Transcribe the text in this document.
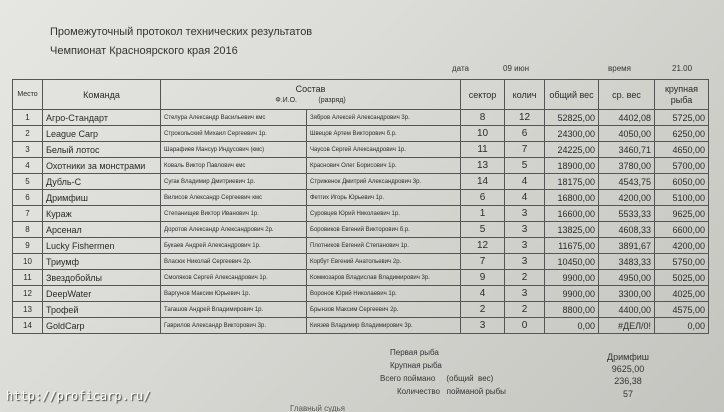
Промежуточный протокол технических результатов
Чемпионат Красноярского края 2016
дата	09 июн	время	21.00
Место	Команда	Состав
Ф.И.О. (разряд)		сектор	колич	общий вес	ср. вес	крупная
рыба

1	Агро-Стандарт	Стелура Александр Васильевич кмс	Зябров Алексей Александрович 3р.	8	12	52825,00	4402,08	5725,00
2	League Carp	Строкольский Михаил Сергеевич 1р.	Швецов Артем Викторович б.р.	10	6	24300,00	4050,00	6250,00
3	Белый лотос	Шарафиев Мансур Индусович (кмс)	Чаусов Сергей Александрович 1р.	11	7	24225,00	3460,71	4650,00
4	Охотники за монстрами	Коваль Виктор Павлович кмс	Краснович Олег Борисович 1р.	13	5	18900,00	3780,00	5700,00
5	Дубль-С	Сугак Владимир Дмитриевич 1р.	Стриженок Дмитрий Александрович 3р.	14	4	18175,00	4543,75	6050,00
6	Дримфиш	Вилисов Александр Сергеевич кмс	Фетгих Игорь Юрьевич 1р.	6	4	16800,00	4200,00	5100,00
7	Кураж	Степанищев Виктор Иванович 1р.	Суровцев Юрий Николаевич 1р.	1	3	16600,00	5533,33	9625,00
8	Арсенал	Доротов Александр Александрович 2р.	Боровиков Евгений Викторович б.р.	5	3	13825,00	4608,33	6600,00
9	Lucky Fishermen	Букаев Андрей Александрович 1р.	Плотников Евгений Степанович 1р.	12	3	11675,00	3891,67	4200,00
10	Триумф	Власюк Николай Сергеевич 2р.	Корбут Евгений Анатольевич 2р.	7	3	10450,00	3483,33	5750,00
11	Звездобойлы	Смоляков Сергей Александрович 1р.	Коммозаров Владислав Владимирович 3р.	9	2	9900,00	4950,00	5025,00
12	DeepWater	Варгунов Максим Юрьевич 1р.	Воронов Юрий Николаевич 1р.	4	3	9900,00	3300,00	4025,00
13	Трофей	Тагашов Андрей Владимирович 1р.	Брынзов Максим Сергеевич 2р.	2	2	8800,00	4400,00	4575,00
14	GoldCarp	Гаврилов Александр Викторович 3р.	Киязев Владимир Владимирович 3р.	3	0	0,00	#ДЕЛ/0!	0,00
Первая рыба	Дримфиш
Крупная рыба	9625,00
Всего поймано     (общий  вес)	236,38
Количество   пойманой рыбы	57
Главный судья
http://proficarp.ru/
